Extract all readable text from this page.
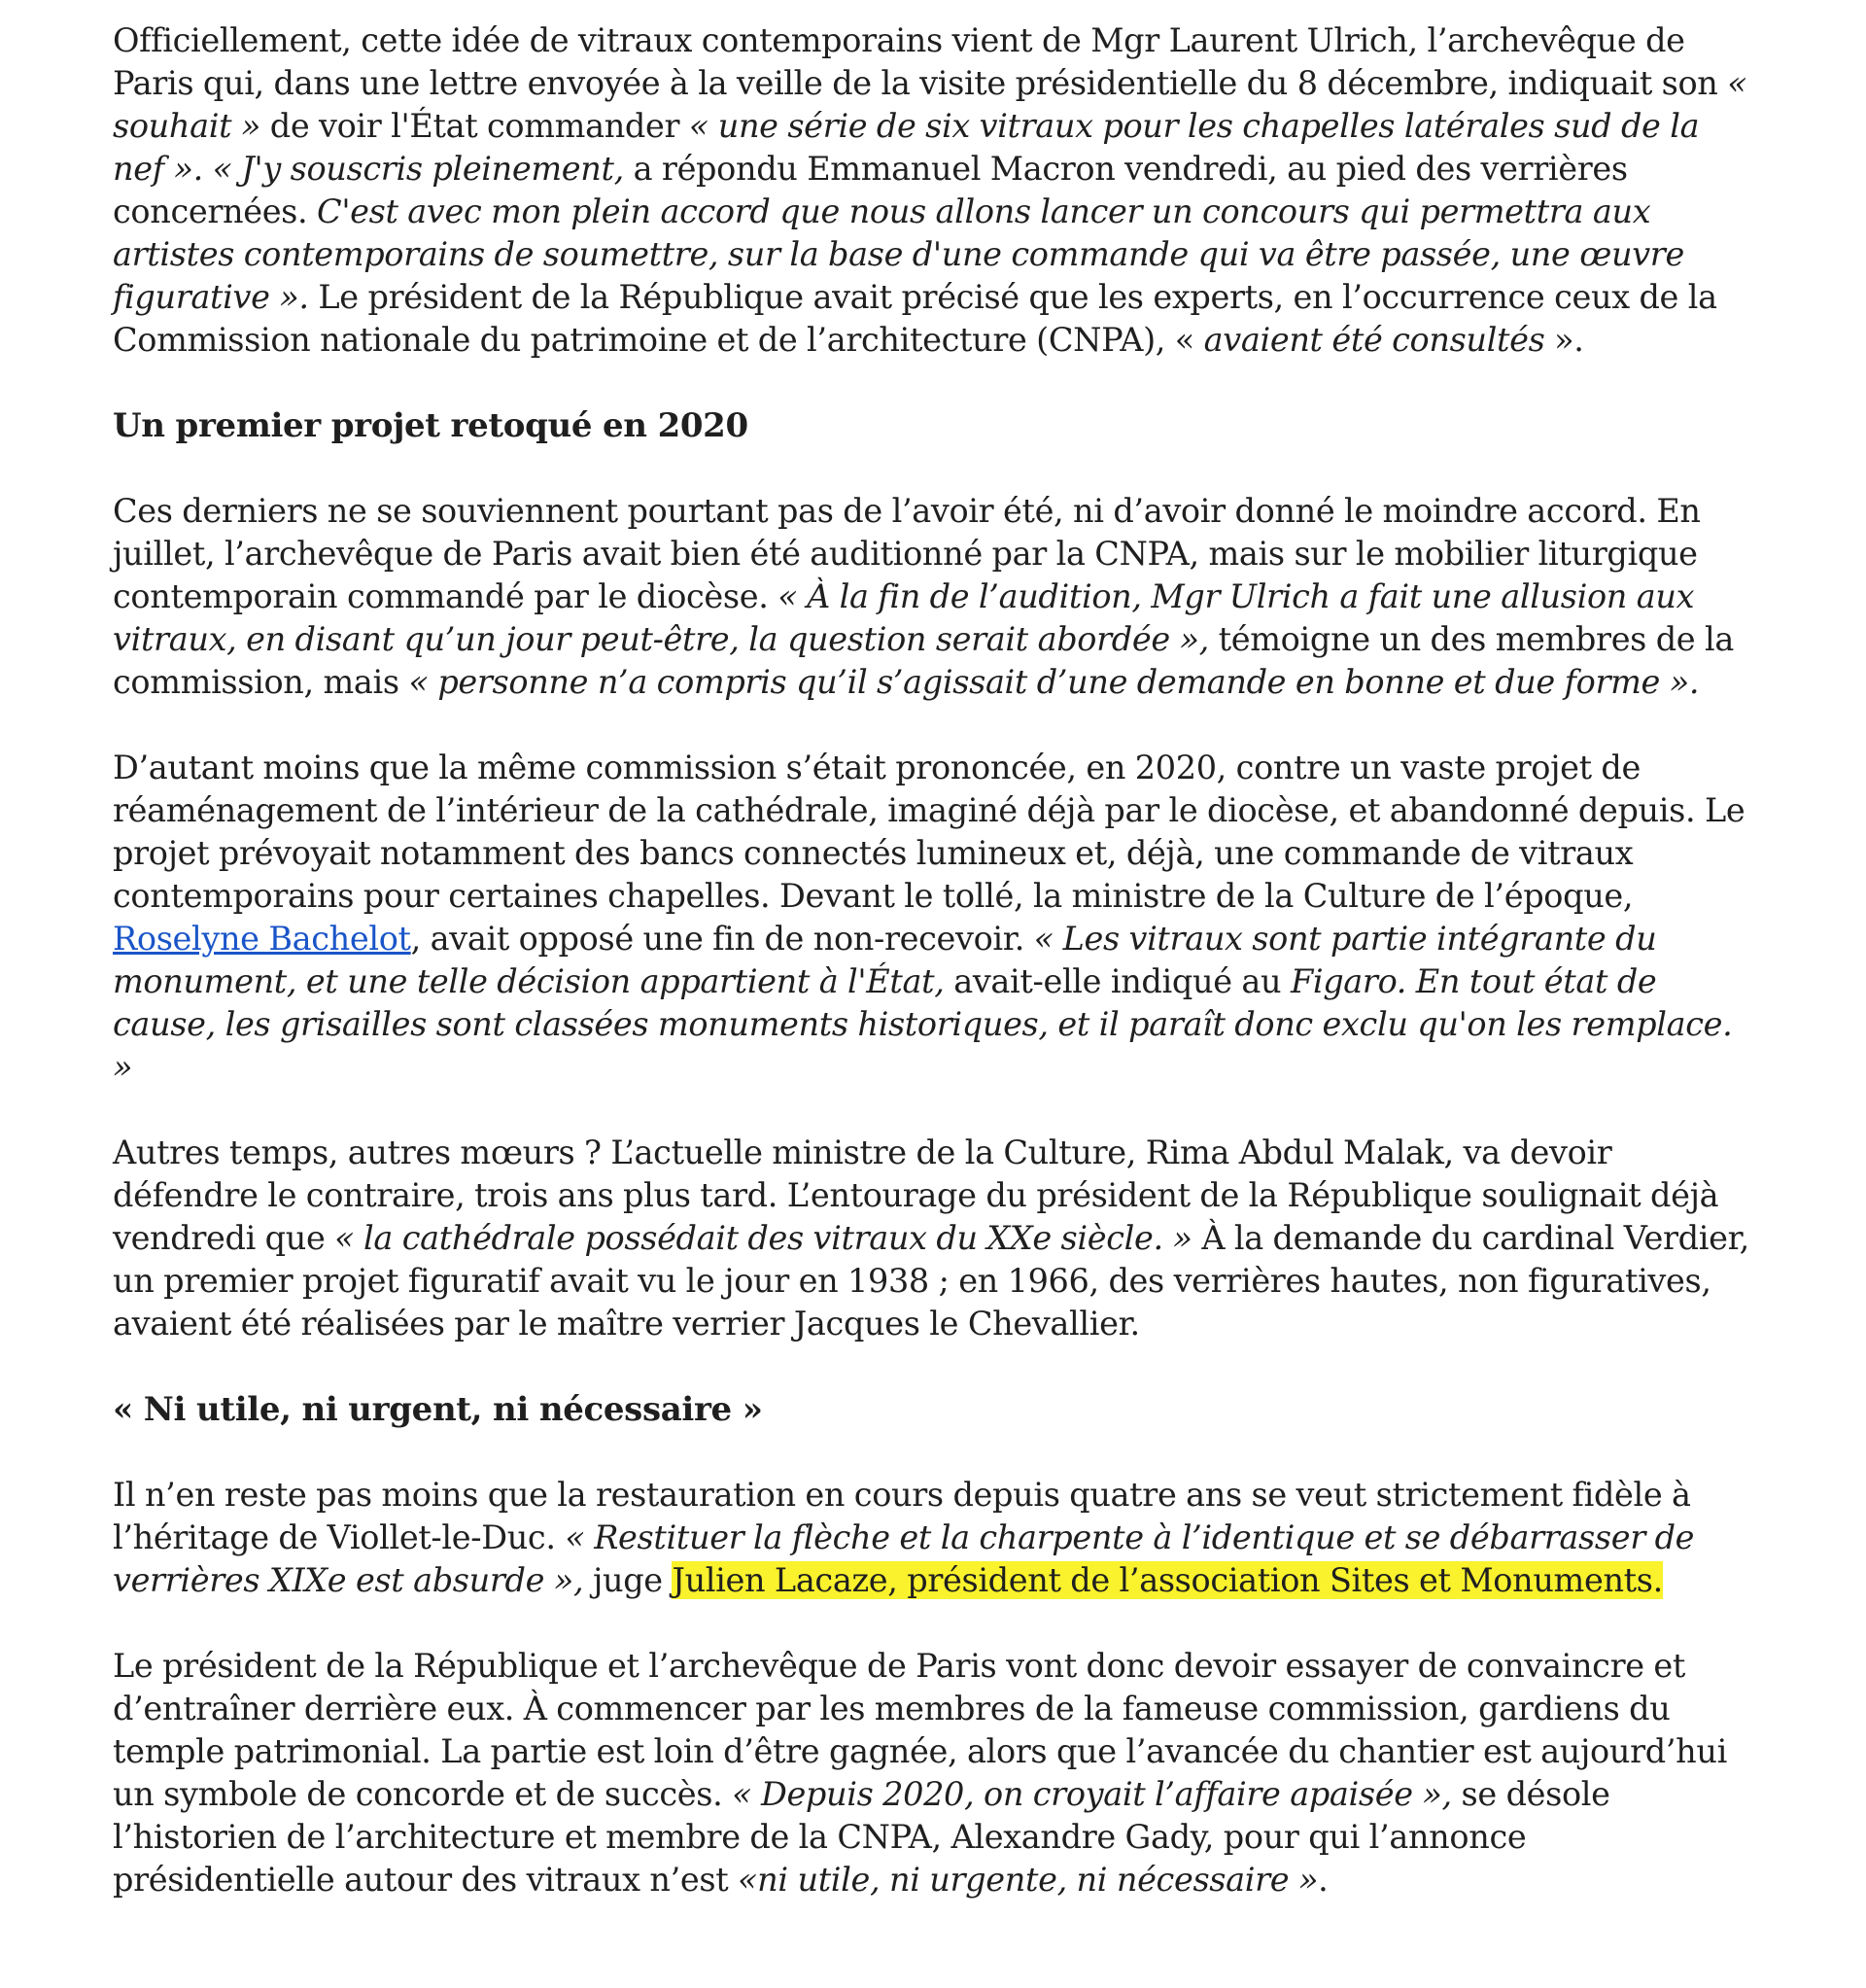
Officiellement, cette idée de vitraux contemporains vient de Mgr Laurent Ulrich, l’archevêque de Paris qui, dans une lettre envoyée à la veille de la visite présidentielle du 8 décembre, indiquait son « souhait » de voir l'État commander « une série de six vitraux pour les chapelles latérales sud de la nef ». « J'y souscris pleinement, a répondu Emmanuel Macron vendredi, au pied des verrières concernées. C'est avec mon plein accord que nous allons lancer un concours qui permettra aux artistes contemporains de soumettre, sur la base d'une commande qui va être passée, une œuvre figurative ». Le président de la République avait précisé que les experts, en l’occurrence ceux de la Commission nationale du patrimoine et de l’architecture (CNPA), « avaient été consultés ».

Un premier projet retoqué en 2020

Ces derniers ne se souviennent pourtant pas de l’avoir été, ni d’avoir donné le moindre accord. En juillet, l’archevêque de Paris avait bien été auditionné par la CNPA, mais sur le mobilier liturgique contemporain commandé par le diocèse. « À la fin de l’audition, Mgr Ulrich a fait une allusion aux vitraux, en disant qu’un jour peut-être, la question serait abordée », témoigne un des membres de la commission, mais « personne n’a compris qu’il s’agissait d’une demande en bonne et due forme ».

D’autant moins que la même commission s’était prononcée, en 2020, contre un vaste projet de réaménagement de l’intérieur de la cathédrale, imaginé déjà par le diocèse, et abandonné depuis. Le projet prévoyait notamment des bancs connectés lumineux et, déjà, une commande de vitraux contemporains pour certaines chapelles. Devant le tollé, la ministre de la Culture de l’époque, Roselyne Bachelot, avait opposé une fin de non-recevoir. « Les vitraux sont partie intégrante du monument, et une telle décision appartient à l'État, avait-elle indiqué au Figaro. En tout état de cause, les grisailles sont classées monuments historiques, et il paraît donc exclu qu'on les remplace. »

Autres temps, autres mœurs ? L’actuelle ministre de la Culture, Rima Abdul Malak, va devoir défendre le contraire, trois ans plus tard. L’entourage du président de la République soulignait déjà vendredi que « la cathédrale possédait des vitraux du XXe siècle. » À la demande du cardinal Verdier, un premier projet figuratif avait vu le jour en 1938 ; en 1966, des verrières hautes, non figuratives, avaient été réalisées par le maître verrier Jacques le Chevallier.

« Ni utile, ni urgent, ni nécessaire »

Il n’en reste pas moins que la restauration en cours depuis quatre ans se veut strictement fidèle à l’héritage de Viollet-le-Duc. « Restituer la flèche et la charpente à l’identique et se débarrasser de verrières XIXe est absurde », juge Julien Lacaze, président de l’association Sites et Monuments.

Le président de la République et l’archevêque de Paris vont donc devoir essayer de convaincre et d’entraîner derrière eux. À commencer par les membres de la fameuse commission, gardiens du temple patrimonial. La partie est loin d’être gagnée, alors que l’avancée du chantier est aujourd’hui un symbole de concorde et de succès. « Depuis 2020, on croyait l’affaire apaisée », se désole l’historien de l’architecture et membre de la CNPA, Alexandre Gady, pour qui l’annonce présidentielle autour des vitraux n’est «ni utile, ni urgente, ni nécessaire ».
